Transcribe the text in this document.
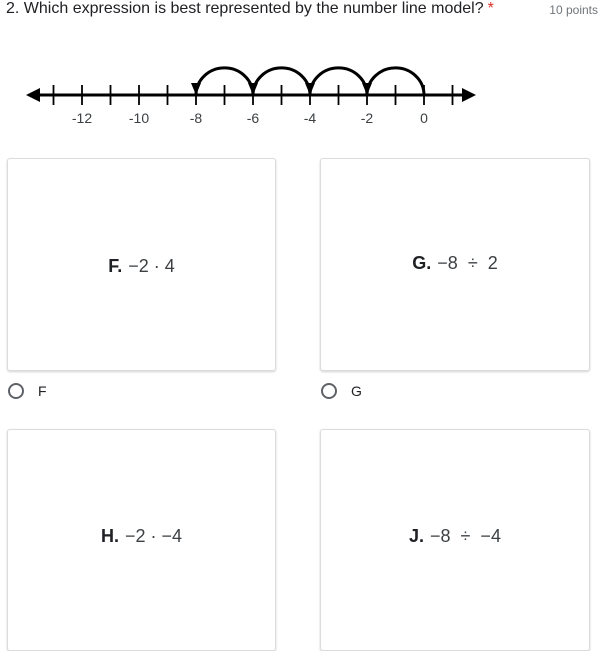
2. Which expression is best represented by the number line model? *	10 points
-12	-10	-8	-6	-4	-2	0
F. −2 · 4
F
G. −8  ÷  2
G
H. −2 · −4	J. −8  ÷  −4
